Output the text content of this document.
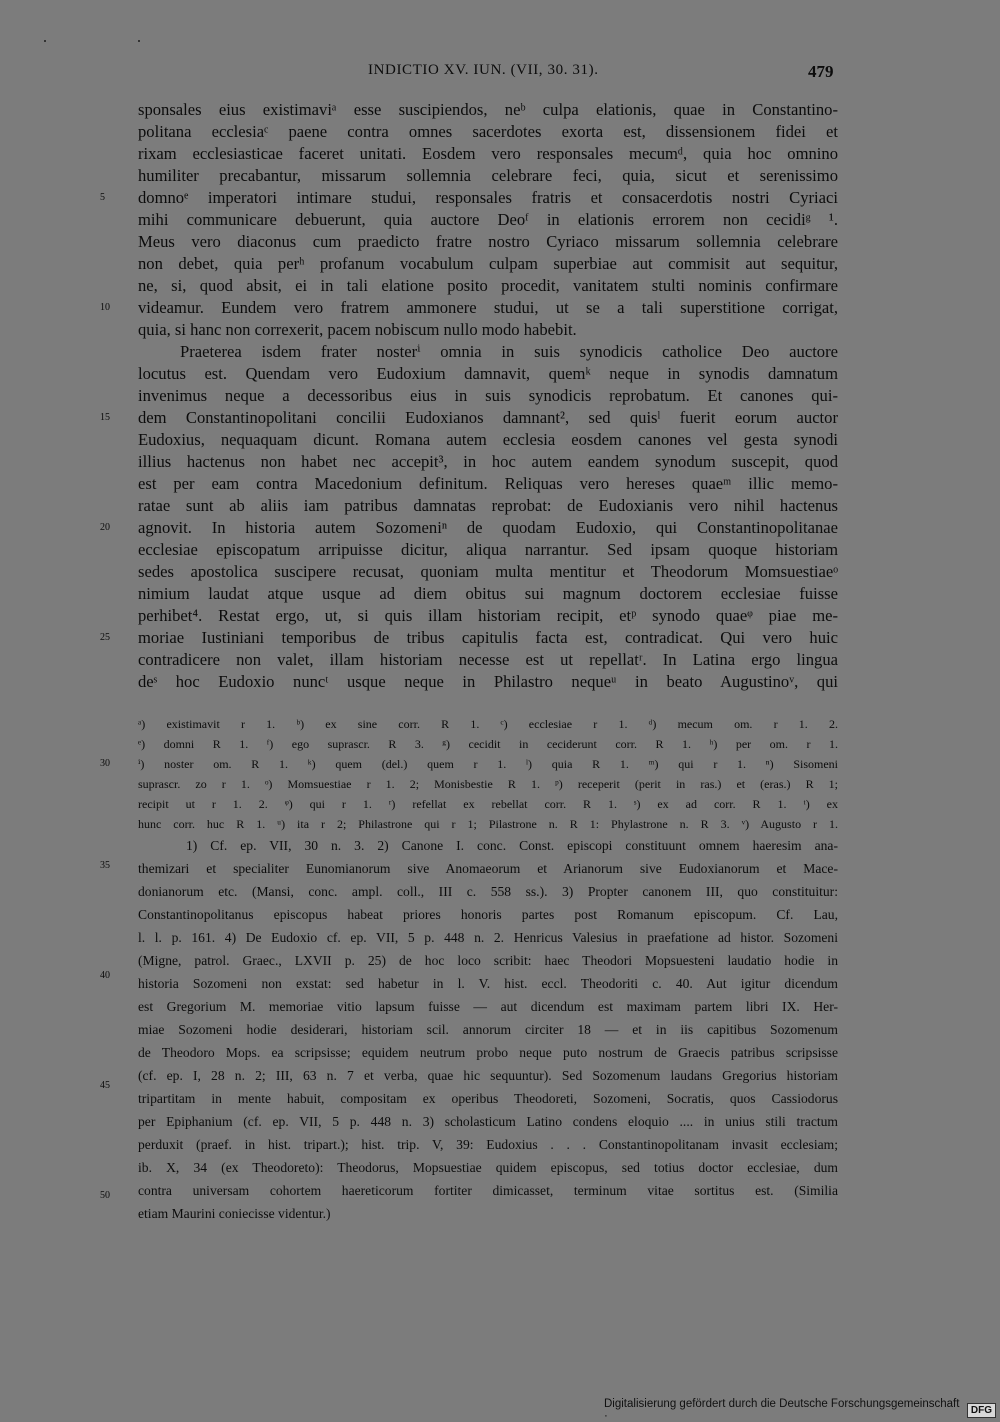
INDICTIO XV. IUN. (VII, 30. 31).	479
sponsales eius existimaviᵃ esse suscipiendos, neᵇ culpa elationis, quae in Constantino-
politana ecclesiaᶜ paene contra omnes sacerdotes exorta est, dissensionem fidei et
rixam ecclesiasticae faceret unitati. Eosdem vero responsales mecumᵈ, quia hoc omnino
humiliter precabantur, missarum sollemnia celebrare feci, quia, sicut et serenissimo
domnoᵉ imperatori intimare studui, responsales fratris et consacerdotis nostri Cyriaci
mihi communicare debuerunt, quia auctore Deoᶠ in elationis errorem non cecidiᵍ ¹.
Meus vero diaconus cum praedicto fratre nostro Cyriaco missarum sollemnia celebrare
non debet, quia perʰ profanum vocabulum culpam superbiae aut commisit aut sequitur,
ne, si, quod absit, ei in tali elatione posito procedit, vanitatem stulti nominis confirmare
videamur. Eundem vero fratrem ammonere studui, ut se a tali superstitione corrigat,
quia, si hanc non correxerit, pacem nobiscum nullo modo habebit.
Praeterea isdem frater nosterⁱ omnia in suis synodicis catholice Deo auctore
locutus est. Quendam vero Eudoxium damnavit, quemᵏ neque in synodis damnatum
invenimus neque a decessoribus eius in suis synodicis reprobatum. Et canones qui-
dem Constantinopolitani concilii Eudoxianos damnant², sed quisˡ fuerit eorum auctor
Eudoxius, nequaquam dicunt. Romana autem ecclesia eosdem canones vel gesta synodi
illius hactenus non habet nec accepit³, in hoc autem eandem synodum suscepit, quod
est per eam contra Macedonium definitum. Reliquas vero hereses quaeᵐ illic memo-
ratae sunt ab aliis iam patribus damnatas reprobat: de Eudoxianis vero nihil hactenus
agnovit. In historia autem Sozomeniⁿ de quodam Eudoxio, qui Constantinopolitanae
ecclesiae episcopatum arripuisse dicitur, aliqua narrantur. Sed ipsam quoque historiam
sedes apostolica suscipere recusat, quoniam multa mentitur et Theodorum Momsuestiaeᵒ
nimium laudat atque usque ad diem obitus sui magnum doctorem ecclesiae fuisse
perhibet⁴. Restat ergo, ut, si quis illam historiam recipit, etᵖ synodo quaeᵠ piae me-
moriae Iustiniani temporibus de tribus capitulis facta est, contradicat. Qui vero huic
contradicere non valet, illam historiam necesse est ut repellatʳ. In Latina ergo lingua
deˢ hoc Eudoxio nuncᵗ usque neque in Philastro nequeᵘ in beato Augustinoᵛ, qui
5
10
15
20
25
30
35
40
45
50
ᵃ) existimavit r 1. ᵇ) ex sine corr. R 1. ᶜ) ecclesiae r 1. ᵈ) mecum om. r 1. 2.
ᵉ) domni R 1. ᶠ) ego suprascr. R 3. ᵍ) cecidit in ceciderunt corr. R 1. ʰ) per om. r 1.
ⁱ) noster om. R 1. ᵏ) quem (del.) quem r 1. ˡ) quia R 1. ᵐ) qui r 1. ⁿ) Sisomeni
suprascr. zo r 1. ᵒ) Momsuestiae r 1. 2; Monisbestie R 1. ᵖ) receperit (perit in ras.) et (eras.) R 1;
recipit ut r 1. 2. ᵠ) qui r 1. ʳ) refellat ex rebellat corr. R 1. ˢ) ex ad corr. R 1. ᵗ) ex
hunc corr. huc R 1. ᵘ) ita r 2; Philastrone qui r 1; Pilastrone n. R 1: Phylastrone n. R 3. ᵛ) Augusto r 1.
1) Cf. ep. VII, 30 n. 3. 2) Canone I. conc. Const. episcopi constituunt omnem haeresim ana-
themizari et specialiter Eunomianorum sive Anomaeorum et Arianorum sive Eudoxianorum et Mace-
donianorum etc. (Mansi, conc. ampl. coll., III c. 558 ss.). 3) Propter canonem III, quo constituitur:
Constantinopolitanus episcopus habeat priores honoris partes post Romanum episcopum. Cf. Lau,
l. l. p. 161. 4) De Eudoxio cf. ep. VII, 5 p. 448 n. 2. Henricus Valesius in praefatione ad histor. Sozomeni
(Migne, patrol. Graec., LXVII p. 25) de hoc loco scribit: haec Theodori Mopsuesteni laudatio hodie in
historia Sozomeni non exstat: sed habetur in l. V. hist. eccl. Theodoriti c. 40. Aut igitur dicendum
est Gregorium M. memoriae vitio lapsum fuisse — aut dicendum est maximam partem libri IX. Her-
miae Sozomeni hodie desiderari, historiam scil. annorum circiter 18 — et in iis capitibus Sozomenum
de Theodoro Mops. ea scripsisse; equidem neutrum probo neque puto nostrum de Graecis patribus scripsisse
(cf. ep. I, 28 n. 2; III, 63 n. 7 et verba, quae hic sequuntur). Sed Sozomenum laudans Gregorius historiam
tripartitam in mente habuit, compositam ex operibus Theodoreti, Sozomeni, Socratis, quos Cassiodorus
per Epiphanium (cf. ep. VII, 5 p. 448 n. 3) scholasticum Latino condens eloquio .... in unius stili tractum
perduxit (praef. in hist. tripart.); hist. trip. V, 39: Eudoxius . . . Constantinopolitanam invasit ecclesiam;
ib. X, 34 (ex Theodoreto): Theodorus, Mopsuestiae quidem episcopus, sed totius doctor ecclesiae, dum
contra universam cohortem haereticorum fortiter dimicasset, terminum vitae sortitus est. (Similia
etiam Maurini coniecisse videntur.)
Digitalisierung gefördert durch die Deutsche Forschungsgemeinschaft ·	DFG
